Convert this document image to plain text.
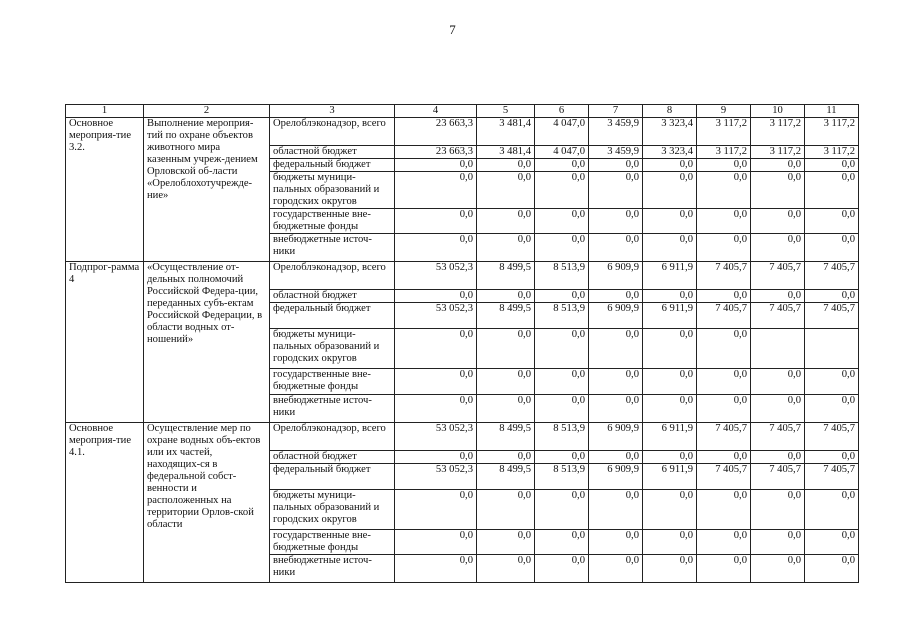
7
1	2	3	4	5	6	7	8	9	10	11
Основное мероприя-тие 3.2.	Выполнение мероприя-тий по охране объектов животного мира казенным учреж-дением Орловской об-ласти «Орелоблохотучрежде-ние»	Орелоблэконадзор, всего	23 663,3	3 481,4	4 047,0	3 459,9	3 323,4	3 117,2	3 117,2	3 117,2
		областной бюджет	23 663,3	3 481,4	4 047,0	3 459,9	3 323,4	3 117,2	3 117,2	3 117,2
		федеральный бюджет	0,0	0,0	0,0	0,0	0,0	0,0	0,0	0,0
		бюджеты муници-пальных образований и городских округов	0,0	0,0	0,0	0,0	0,0	0,0	0,0	0,0
		государственные вне-бюджетные фонды	0,0	0,0	0,0	0,0	0,0	0,0	0,0	0,0
		внебюджетные источ-ники	0,0	0,0	0,0	0,0	0,0	0,0	0,0	0,0
Подпрог-рамма 4	«Осуществление от-дельных полномочий Российской Федера-ции, переданных субъ-ектам Российской Федерации, в области водных от-ношений»	Орелоблэконадзор, всего	53 052,3	8 499,5	8 513,9	6 909,9	6 911,9	7 405,7	7 405,7	7 405,7
		областной бюджет	0,0	0,0	0,0	0,0	0,0	0,0	0,0	0,0
		федеральный бюджет	53 052,3	8 499,5	8 513,9	6 909,9	6 911,9	7 405,7	7 405,7	7 405,7
		бюджеты муници-пальных образований и городских округов	0,0	0,0	0,0	0,0	0,0	0,0		
		государственные вне-бюджетные фонды	0,0	0,0	0,0	0,0	0,0	0,0	0,0	0,0
		внебюджетные источ-ники	0,0	0,0	0,0	0,0	0,0	0,0	0,0	0,0
Основное мероприя-тие 4.1.	Осуществление мер по охране водных объ-ектов или их частей, находящих-ся в федеральной собст-венности и расположенных на территории Орлов-ской области	Орелоблэконадзор, всего	53 052,3	8 499,5	8 513,9	6 909,9	6 911,9	7 405,7	7 405,7	7 405,7
		областной бюджет	0,0	0,0	0,0	0,0	0,0	0,0	0,0	0,0
		федеральный бюджет	53 052,3	8 499,5	8 513,9	6 909,9	6 911,9	7 405,7	7 405,7	7 405,7
		бюджеты муници-пальных образований и городских округов	0,0	0,0	0,0	0,0	0,0	0,0	0,0	0,0
		государственные вне-бюджетные фонды	0,0	0,0	0,0	0,0	0,0	0,0	0,0	0,0
		внебюджетные источ-ники	0,0	0,0	0,0	0,0	0,0	0,0	0,0	0,0
